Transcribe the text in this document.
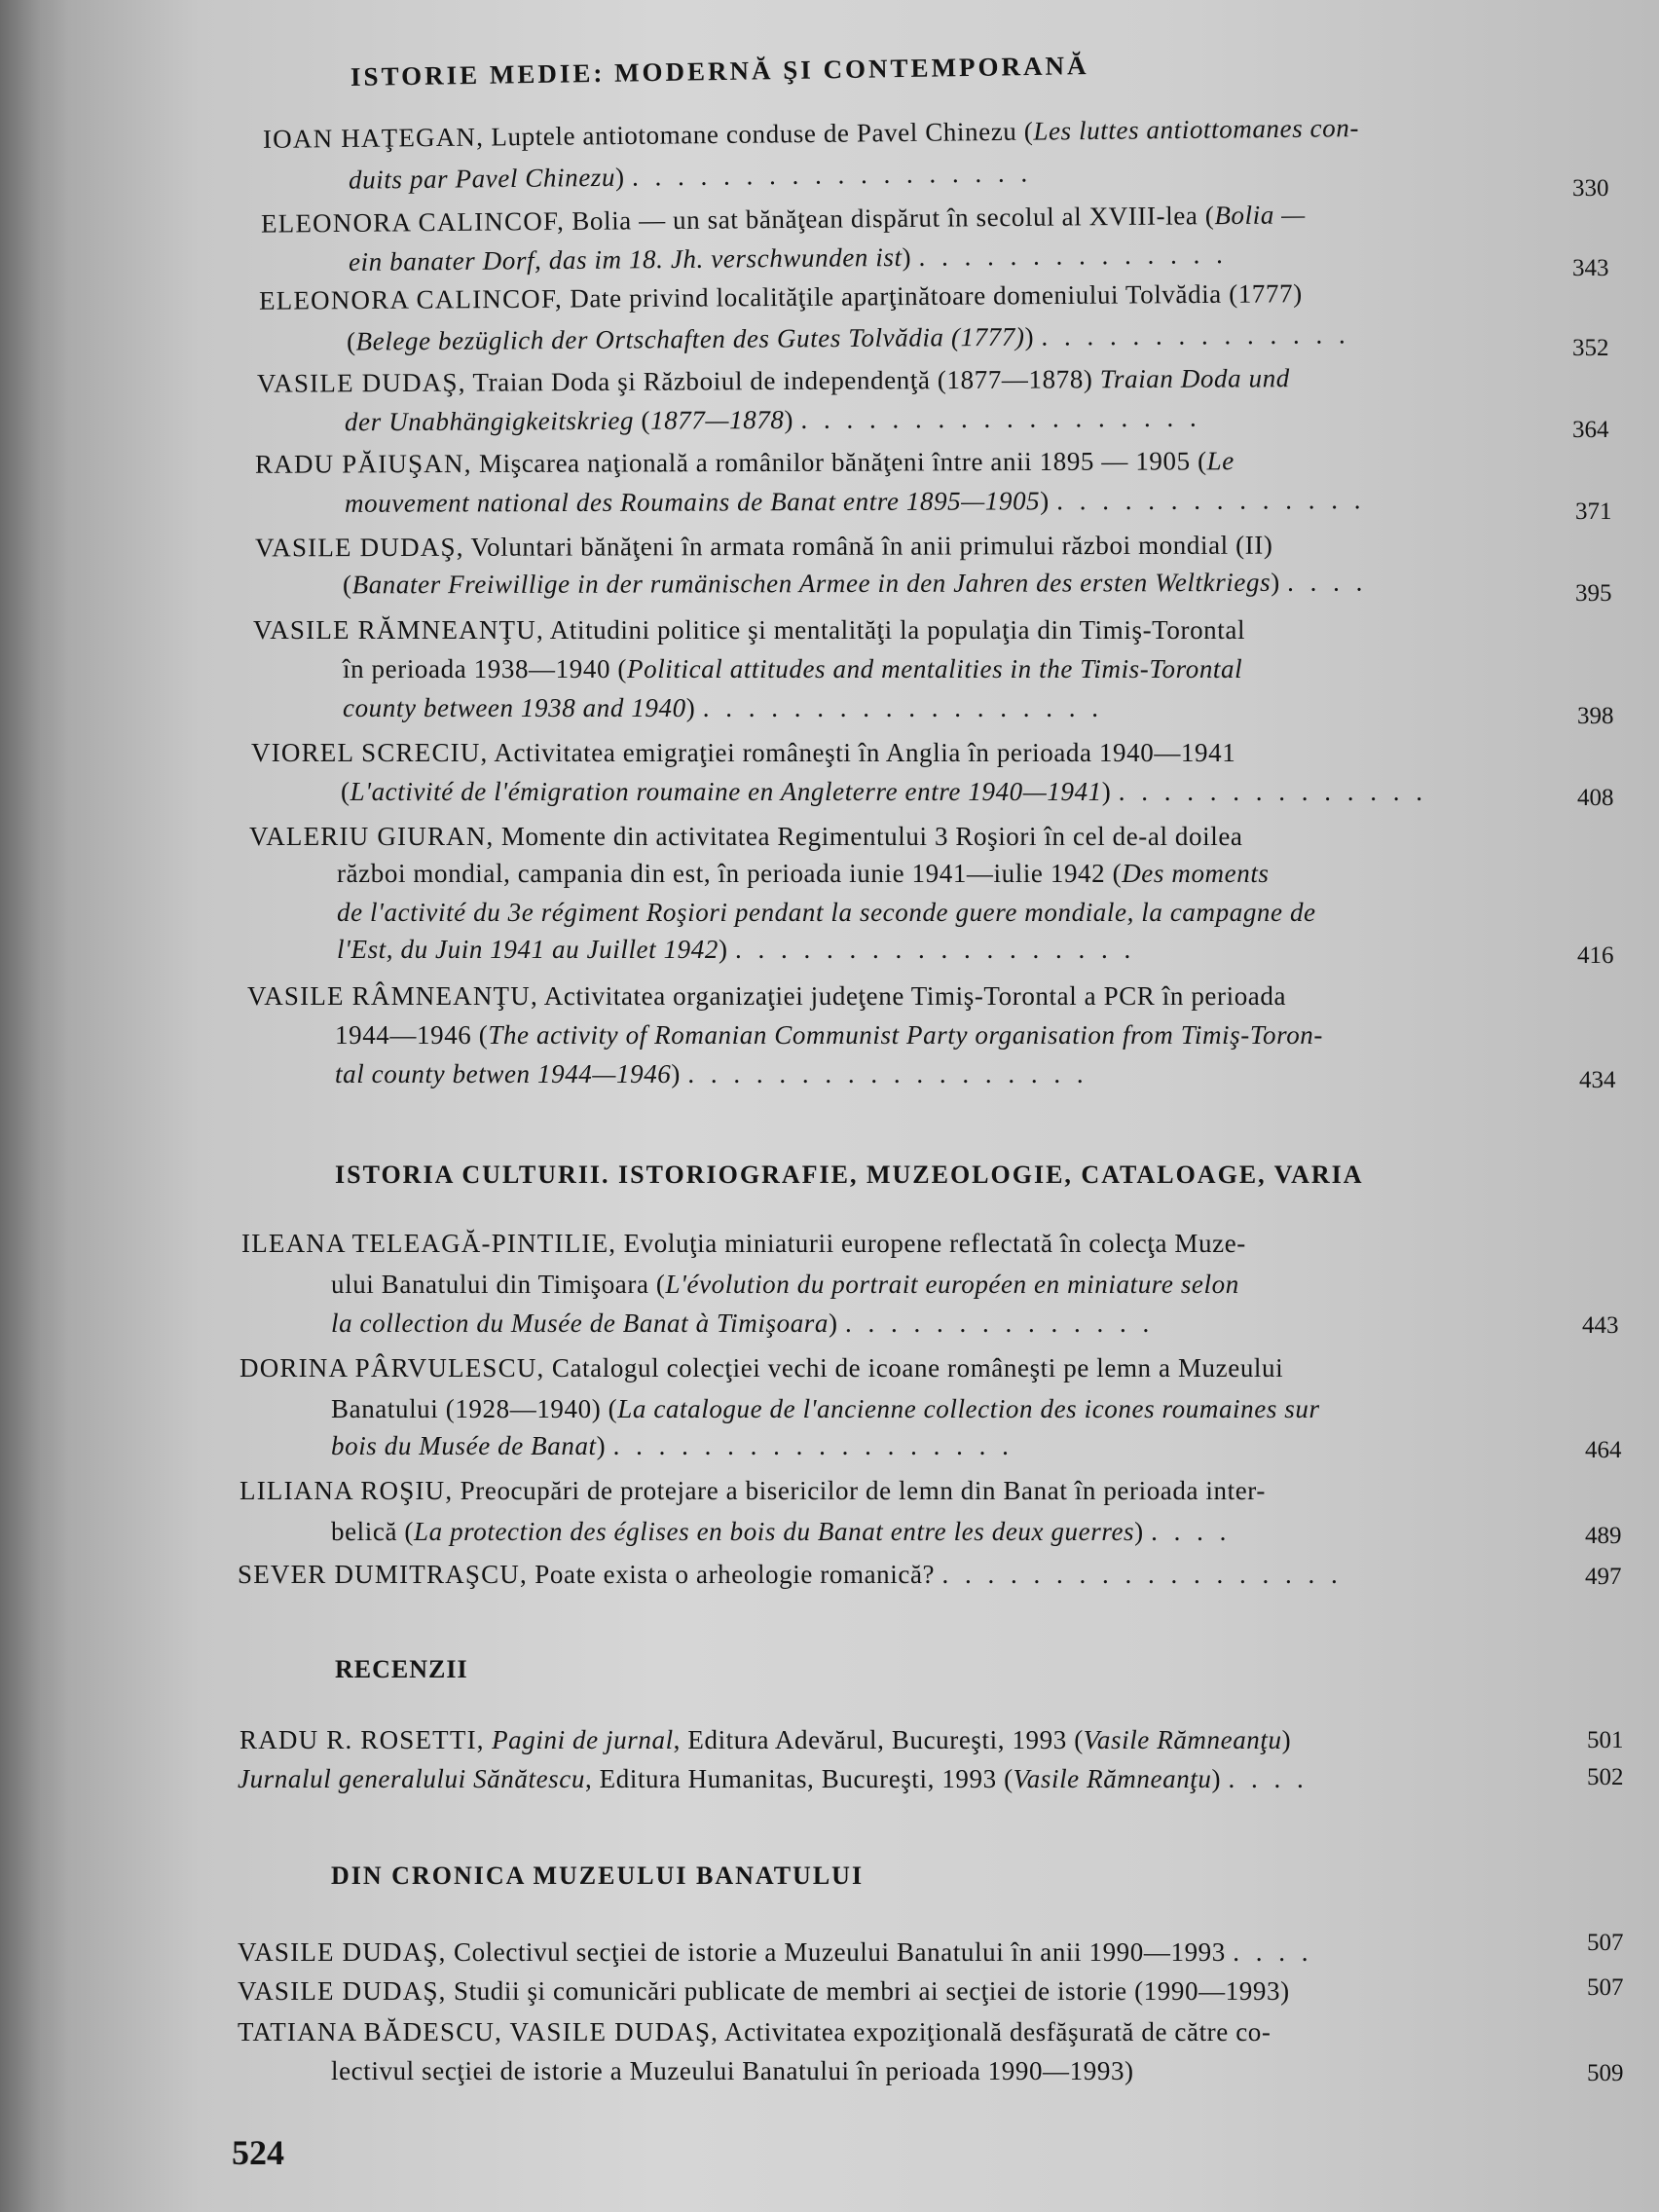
ISTORIE MEDIE: MODERNĂ ŞI CONTEMPORANĂ
IOAN HAŢEGAN, Luptele antiotomane conduse de Pavel Chinezu (Les luttes antiottomanes con-
duits par Pavel Chinezu) . . . . . . . . . . . . . . . . . .	330
ELEONORA CALINCOF, Bolia — un sat bănăţean dispărut în secolul al XVIII-lea (Bolia —
ein banater Dorf, das im 18. Jh. verschwunden ist) . . . . . . . . . . . . . .	343
ELEONORA CALINCOF, Date privind localităţile aparţinătoare domeniului Tolvădia (1777)
(Belege bezüglich der Ortschaften des Gutes Tolvădia (1777)) . . . . . . . . . . . . . .	352
VASILE DUDAŞ, Traian Doda şi Războiul de independenţă (1877—1878) Traian Doda und
der Unabhängigkeitskrieg (1877—1878) . . . . . . . . . . . . . . . . . .	364
RADU PĂIUŞAN, Mişcarea naţională a românilor bănăţeni între anii 1895 — 1905 (Le
mouvement national des Roumains de Banat entre 1895—1905) . . . . . . . . . . . . . .	371
VASILE DUDAŞ, Voluntari bănăţeni în armata română în anii primului război mondial (II)
(Banater Freiwillige in der rumänischen Armee in den Jahren des ersten Weltkriegs) . . . .	395
VASILE RĂMNEANŢU, Atitudini politice şi mentalităţi la populaţia din Timiş-Torontal
în perioada 1938—1940 (Political attitudes and mentalities in the Timis-Torontal
county between 1938 and 1940) . . . . . . . . . . . . . . . . . .	398
VIOREL SCRECIU, Activitatea emigraţiei româneşti în Anglia în perioada 1940—1941
(L'activité de l'émigration roumaine en Angleterre entre 1940—1941) . . . . . . . . . . . . . .	408
VALERIU GIURAN, Momente din activitatea Regimentului 3 Roşiori în cel de-al doilea
război mondial, campania din est, în perioada iunie 1941—iulie 1942 (Des moments
de l'activité du 3e régiment Roşiori pendant la seconde guere mondiale, la campagne de
l'Est, du Juin 1941 au Juillet 1942) . . . . . . . . . . . . . . . . . .	416
VASILE RÂMNEANŢU, Activitatea organizaţiei judeţene Timiş-Torontal a PCR în perioada
1944—1946 (The activity of Romanian Communist Party organisation from Timiş-Toron-
tal county betwen 1944—1946) . . . . . . . . . . . . . . . . . .	434
ISTORIA CULTURII. ISTORIOGRAFIE, MUZEOLOGIE, CATALOAGE, VARIA
ILEANA TELEAGĂ-PINTILIE, Evoluţia miniaturii europene reflectată în colecţa Muze-
ului Banatului din Timişoara (L'évolution du portrait européen en miniature selon
la collection du Musée de Banat à Timişoara) . . . . . . . . . . . . . .	443
DORINA PÂRVULESCU, Catalogul colecţiei vechi de icoane româneşti pe lemn a Muzeului
Banatului (1928—1940) (La catalogue de l'ancienne collection des icones roumaines sur
bois du Musée de Banat) . . . . . . . . . . . . . . . . . .	464
LILIANA ROŞIU, Preocupări de protejare a bisericilor de lemn din Banat în perioada inter-
belică (La protection des églises en bois du Banat entre les deux guerres) . . . .	489
SEVER DUMITRAŞCU, Poate exista o arheologie romanică? . . . . . . . . . . . . . . . . . .	497
RECENZII
RADU R. ROSETTI, Pagini de jurnal, Editura Adevărul, Bucureşti, 1993 (Vasile Rămneanţu)	501
Jurnalul generalului Sănătescu, Editura Humanitas, Bucureşti, 1993 (Vasile Rămneanţu) . . . .	502
DIN CRONICA MUZEULUI BANATULUI
VASILE DUDAŞ, Colectivul secţiei de istorie a Muzeului Banatului în anii 1990—1993 . . . .	507
VASILE DUDAŞ, Studii şi comunicări publicate de membri ai secţiei de istorie (1990—1993)	507
TATIANA BĂDESCU, VASILE DUDAŞ, Activitatea expoziţională desfăşurată de către co-
lectivul secţiei de istorie a Muzeului Banatului în perioada 1990—1993)	509
524
